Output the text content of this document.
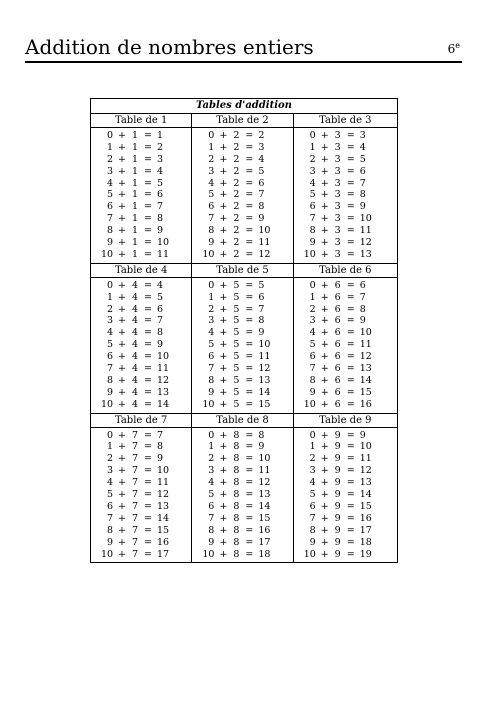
Addition de nombres entiers	6e
Tables d'addition
Table de 1
0 + 1 = 1
1 + 1 = 2
2 + 1 = 3
3 + 1 = 4
4 + 1 = 5
5 + 1 = 6
6 + 1 = 7
7 + 1 = 8
8 + 1 = 9
9 + 1 = 10
10 + 1 = 11
Table de 2
0 + 2 = 2
1 + 2 = 3
2 + 2 = 4
3 + 2 = 5
4 + 2 = 6
5 + 2 = 7
6 + 2 = 8
7 + 2 = 9
8 + 2 = 10
9 + 2 = 11
10 + 2 = 12
Table de 3
0 + 3 = 3
1 + 3 = 4
2 + 3 = 5
3 + 3 = 6
4 + 3 = 7
5 + 3 = 8
6 + 3 = 9
7 + 3 = 10
8 + 3 = 11
9 + 3 = 12
10 + 3 = 13
Table de 4
0 + 4 = 4
1 + 4 = 5
2 + 4 = 6
3 + 4 = 7
4 + 4 = 8
5 + 4 = 9
6 + 4 = 10
7 + 4 = 11
8 + 4 = 12
9 + 4 = 13
10 + 4 = 14
Table de 5
0 + 5 = 5
1 + 5 = 6
2 + 5 = 7
3 + 5 = 8
4 + 5 = 9
5 + 5 = 10
6 + 5 = 11
7 + 5 = 12
8 + 5 = 13
9 + 5 = 14
10 + 5 = 15
Table de 6
0 + 6 = 6
1 + 6 = 7
2 + 6 = 8
3 + 6 = 9
4 + 6 = 10
5 + 6 = 11
6 + 6 = 12
7 + 6 = 13
8 + 6 = 14
9 + 6 = 15
10 + 6 = 16
Table de 7
0 + 7 = 7
1 + 7 = 8
2 + 7 = 9
3 + 7 = 10
4 + 7 = 11
5 + 7 = 12
6 + 7 = 13
7 + 7 = 14
8 + 7 = 15
9 + 7 = 16
10 + 7 = 17
Table de 8
0 + 8 = 8
1 + 8 = 9
2 + 8 = 10
3 + 8 = 11
4 + 8 = 12
5 + 8 = 13
6 + 8 = 14
7 + 8 = 15
8 + 8 = 16
9 + 8 = 17
10 + 8 = 18
Table de 9
0 + 9 = 9
1 + 9 = 10
2 + 9 = 11
3 + 9 = 12
4 + 9 = 13
5 + 9 = 14
6 + 9 = 15
7 + 9 = 16
8 + 9 = 17
9 + 9 = 18
10 + 9 = 19
